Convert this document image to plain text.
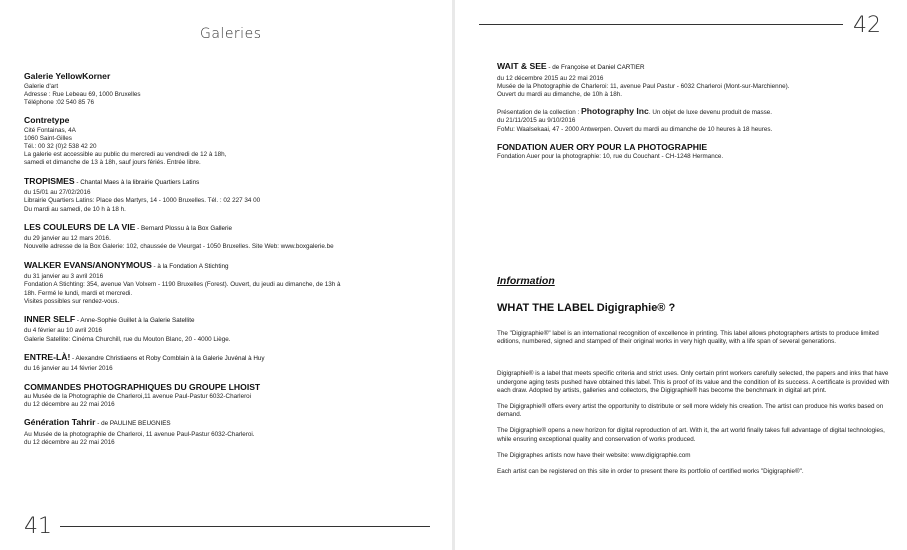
Galeries
Galerie YellowKorner
Galerie d'art
Adresse : Rue Lebeau 69, 1000 Bruxelles
Téléphone :02 540 85 76
Contretype
Cité Fontainas, 4A
1060 Saint-Gilles
Tél.: 00 32 (0)2 538 42 20
La galerie est accessible au public du mercredi au vendredi de 12 à 18h,
samedi et dimanche de 13 à 18h, sauf jours fériés. Entrée libre.
TROPISMES - Chantal Maes à la librairie Quartiers Latins
du 15/01 au 27/02/2016
Librairie Quartiers Latins: Place des Martyrs, 14 - 1000 Bruxelles. Tél. : 02 227 34 00
Du mardi au samedi, de 10 h à 18 h.
LES COULEURS DE LA VIE - Bernard Plossu à la Box Gallerie
du 29 janvier au 12 mars 2016.
Nouvelle adresse de la Box Galerie: 102, chaussée de Vleurgat - 1050 Bruxelles. Site Web: www.boxgalerie.be
WALKER EVANS/ANONYMOUS - à la Fondation A Stichting
du 31 janvier au 3 avril 2016
Fondation A Stichting: 354, avenue Van Volxem - 1190 Bruxelles (Forest). Ouvert, du jeudi au dimanche, de 13h à
18h. Fermé le lundi, mardi et mercredi.
Visites possibles sur rendez-vous.
INNER SELF - Anne-Sophie Guillet à la Galerie Satellite
du 4 février au 10 avril 2016
Galerie Satellite: Cinéma Churchill, rue du Mouton Blanc, 20 - 4000 Liège.
ENTRE-LÀ! - Alexandre Christiaens et Roby Comblain à la Galerie Juvénal à Huy
du 16 janvier au 14 février 2016
COMMANDES PHOTOGRAPHIQUES DU GROUPE LHOIST
au Musée de la Photographie de Charleroi,11 avenue Paul-Pastur 6032-Charleroi
du 12 décembre au 22 mai 2016
Génération Tahrir - de PAULINE BEUGNIES
Au Musée de la photographie de Charleroi, 11 avenue Paul-Pastur 6032-Charleroi.
du 12 décembre au 22 mai 2016
41
42
WAIT & SEE - de Françoise et Daniel CARTIER
du 12 décembre 2015 au 22 mai 2016
Musée de la Photographie de Charleroi: 11, avenue Paul Pastur - 6032 Charleroi (Mont-sur-Marchienne).
Ouvert du mardi au dimanche, de 10h à 18h.
Présentation de la collection : Photography Inc. Un objet de luxe devenu produit de masse.
du 21/11/2015 au 9/10/2016
FoMu: Waalsekaai, 47 - 2000 Antwerpen. Ouvert du mardi au dimanche de 10 heures à 18 heures.
FONDATION AUER ORY POUR LA PHOTOGRAPHIE
Fondation Auer pour la photographie: 10, rue du Couchant - CH-1248 Hermance.
Information
WHAT THE LABEL Digigraphie® ?

The "Digigraphie®" label is an international recognition of excellence in printing. This label allows photographers artists to produce limited editions, numbered, signed and stamped of their original works in very high quality, with a life span of several generations.

Digigraphie® is a label that meets specific criteria and strict uses. Only certain print workers carefully selected, the papers and inks that have undergone aging tests pushed have obtained this label. This is proof of its value and the condition of its success. A certificate is provided with each draw. Adopted by artists, galleries and collectors, the Digigraphie® has become the benchmark in digital art print.

The Digigraphie® offers every artist the opportunity to distribute or sell more widely his creation. The artist can produce his works based on demand.

The Digigraphie® opens a new horizon for digital reproduction of art. With it, the art world finally takes full advantage of digital technologies, while ensuring exceptional quality and conservation of works produced.

The Digigraphes artists now have their website: www.digigraphie.com

Each artist can be registered on this site in order to present there its portfolio of certified works "Digigraphie®".
